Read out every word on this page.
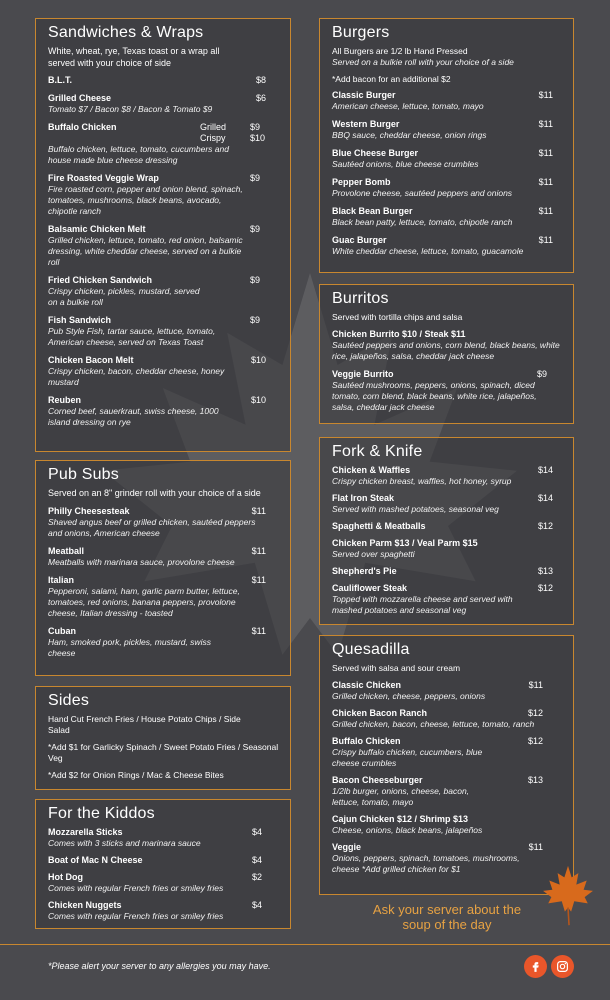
Sandwiches & Wraps
White, wheat, rye, Texas toast or a wrap all served with your choice of side
B.L.T.	$8
Grilled Cheese	$6
Tomato $7 / Bacon $8 / Bacon & Tomato $9
Buffalo Chicken	Grilled	$9
Crispy	$10
Buffalo chicken, lettuce, tomato, cucumbers and house made blue cheese dressing
Fire Roasted Veggie Wrap	$9
Fire roasted corn, pepper and onion blend, spinach, tomatoes, mushrooms, black beans, avocado, chipotle ranch
Balsamic Chicken Melt	$9
Grilled chicken, lettuce, tomato, red onion, balsamic dressing, white cheddar cheese, served on a bulkie roll
Fried Chicken Sandwich	$9
Crispy chicken, pickles, mustard, served on a bulkie roll
Fish Sandwich	$9
Pub Style Fish, tartar sauce, lettuce, tomato, American cheese, served on Texas Toast
Chicken Bacon Melt	$10
Crispy chicken, bacon, cheddar cheese, honey mustard
Reuben	$10
Corned beef, sauerkraut, swiss cheese, 1000 island dressing on rye
Pub Subs
Served on an 8" grinder roll with your choice of a side
Philly Cheesesteak	$11
Shaved angus beef or grilled chicken, sautéed peppers and onions, American cheese
Meatball	$11
Meatballs with marinara sauce, provolone cheese
Italian	$11
Pepperoni, salami, ham, garlic parm butter, lettuce, tomatoes, red onions, banana peppers, provolone cheese, Italian dressing - toasted
Cuban	$11
Ham, smoked pork, pickles, mustard, swiss cheese
Sides
Hand Cut French Fries / House Potato Chips / Side Salad
*Add $1 for Garlicky Spinach / Sweet Potato Fries / Seasonal Veg
*Add $2 for Onion Rings / Mac & Cheese Bites
For the Kiddos
Mozzarella Sticks	$4
Comes with 3 sticks and marinara sauce
Boat of Mac N Cheese	$4
Hot Dog	$2
Comes with regular French fries or smiley fries
Chicken Nuggets	$4
Comes with regular French fries or smiley fries
Burgers
All Burgers are 1/2 lb Hand Pressed
Served on a bulkie roll with your choice of a side
*Add bacon for an additional $2
Classic Burger	$11
American cheese, lettuce, tomato, mayo
Western Burger	$11
BBQ sauce, cheddar cheese, onion rings
Blue Cheese Burger	$11
Sautéed onions, blue cheese crumbles
Pepper Bomb	$11
Provolone cheese, sautéed peppers and onions
Black Bean Burger	$11
Black bean patty, lettuce, tomato, chipotle ranch
Guac Burger	$11
White cheddar cheese, lettuce, tomato, guacamole
Burritos
Served with tortilla chips and salsa
Chicken Burrito $10 / Steak $11
Sautéed peppers and onions, corn blend, black beans, white rice, jalapeños, salsa, cheddar jack cheese
Veggie Burrito	$9
Sautéed mushrooms, peppers, onions, spinach, diced tomato, corn blend, black beans, white rice, jalapeños, salsa, cheddar jack cheese
Fork & Knife
Chicken & Waffles	$14
Crispy chicken breast, waffles, hot honey, syrup
Flat Iron Steak	$14
Served with mashed potatoes, seasonal veg
Spaghetti & Meatballs	$12
Chicken Parm $13 / Veal Parm $15
Served over spaghetti
Shepherd's Pie	$13
Cauliflower Steak	$12
Topped with mozzarella cheese and served with mashed potatoes and seasonal veg
Quesadilla
Served with salsa and sour cream
Classic Chicken	$11
Grilled chicken, cheese, peppers, onions
Chicken Bacon Ranch	$12
Grilled chicken, bacon, cheese, lettuce, tomato, ranch
Buffalo Chicken	$12
Crispy buffalo chicken, cucumbers, blue cheese crumbles
Bacon Cheeseburger	$13
1/2lb burger, onions, cheese, bacon, lettuce, tomato, mayo
Cajun Chicken $12 / Shrimp $13
Cheese, onions, black beans, jalapeños
Veggie	$11
Onions, peppers, spinach, tomatoes, mushrooms, cheese *Add grilled chicken for $1
Ask your server about the soup of the day
*Please alert your server to any allergies you may have.
